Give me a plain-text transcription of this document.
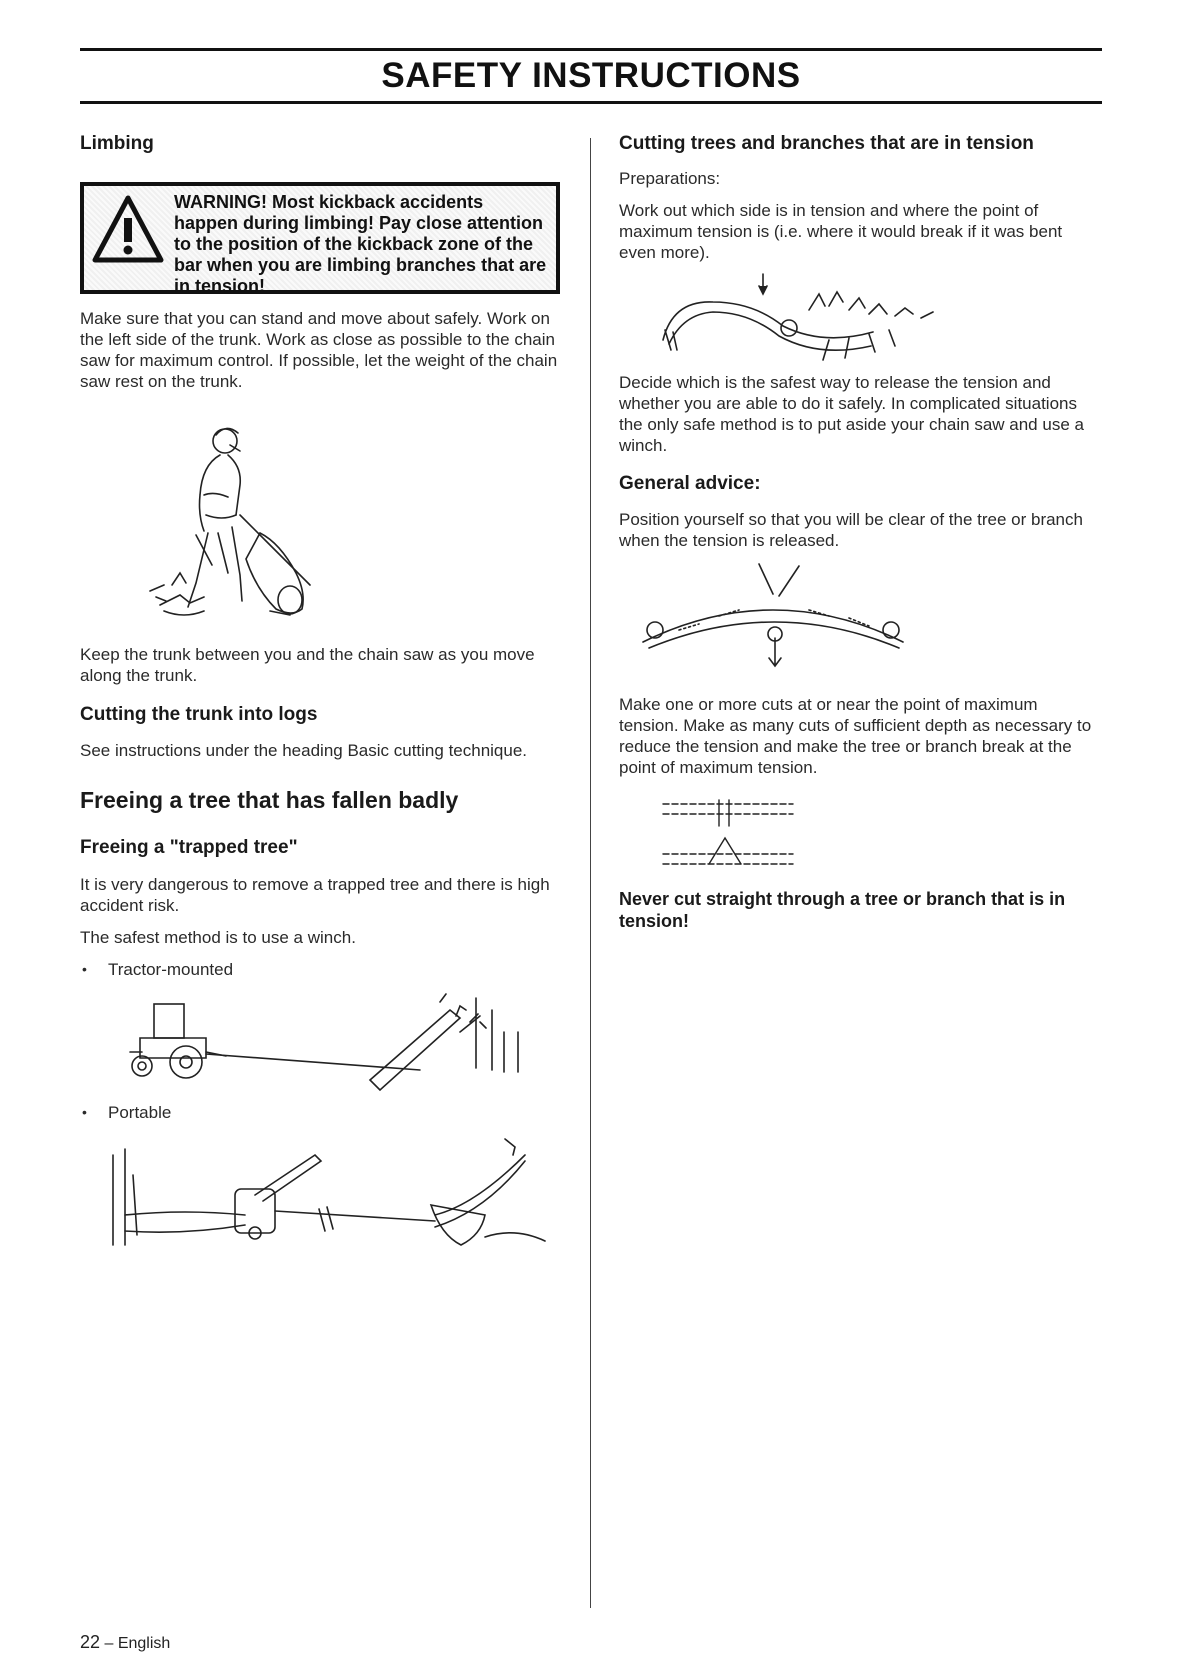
SAFETY INSTRUCTIONS
Limbing
WARNING! Most kickback accidents happen during limbing! Pay close attention to the position of the kickback zone of the bar when you are limbing branches that are in tension!

Make sure that you can stand and move about safely. Work on the left side of the trunk. Work as close as possible to the chain saw for maximum control. If possible, let the weight of the chain saw rest on the trunk.

Keep the trunk between you and the chain saw as you move along the trunk.

Cutting the trunk into logs

See instructions under the heading Basic cutting technique.

Freeing a tree that has fallen badly
Freeing a "trapped tree"

It is very dangerous to remove a trapped tree and there is high accident risk.

The safest method is to use a winch.

• Tractor-mounted

• Portable

Cutting trees and branches that are in tension

Preparations:

Work out which side is in tension and where the point of maximum tension is (i.e. where it would break if it was bent even more).

Decide which is the safest way to release the tension and whether you are able to do it safely. In complicated situations the only safe method is to put aside your chain saw and use a winch.

General advice:

Position yourself so that you will be clear of the tree or branch when the tension is released.

Make one or more cuts at or near the point of maximum tension. Make as many cuts of sufficient depth as necessary to reduce the tension and make the tree or branch break at the point of maximum tension.

Never cut straight through a tree or branch that is in tension!

22 – English
